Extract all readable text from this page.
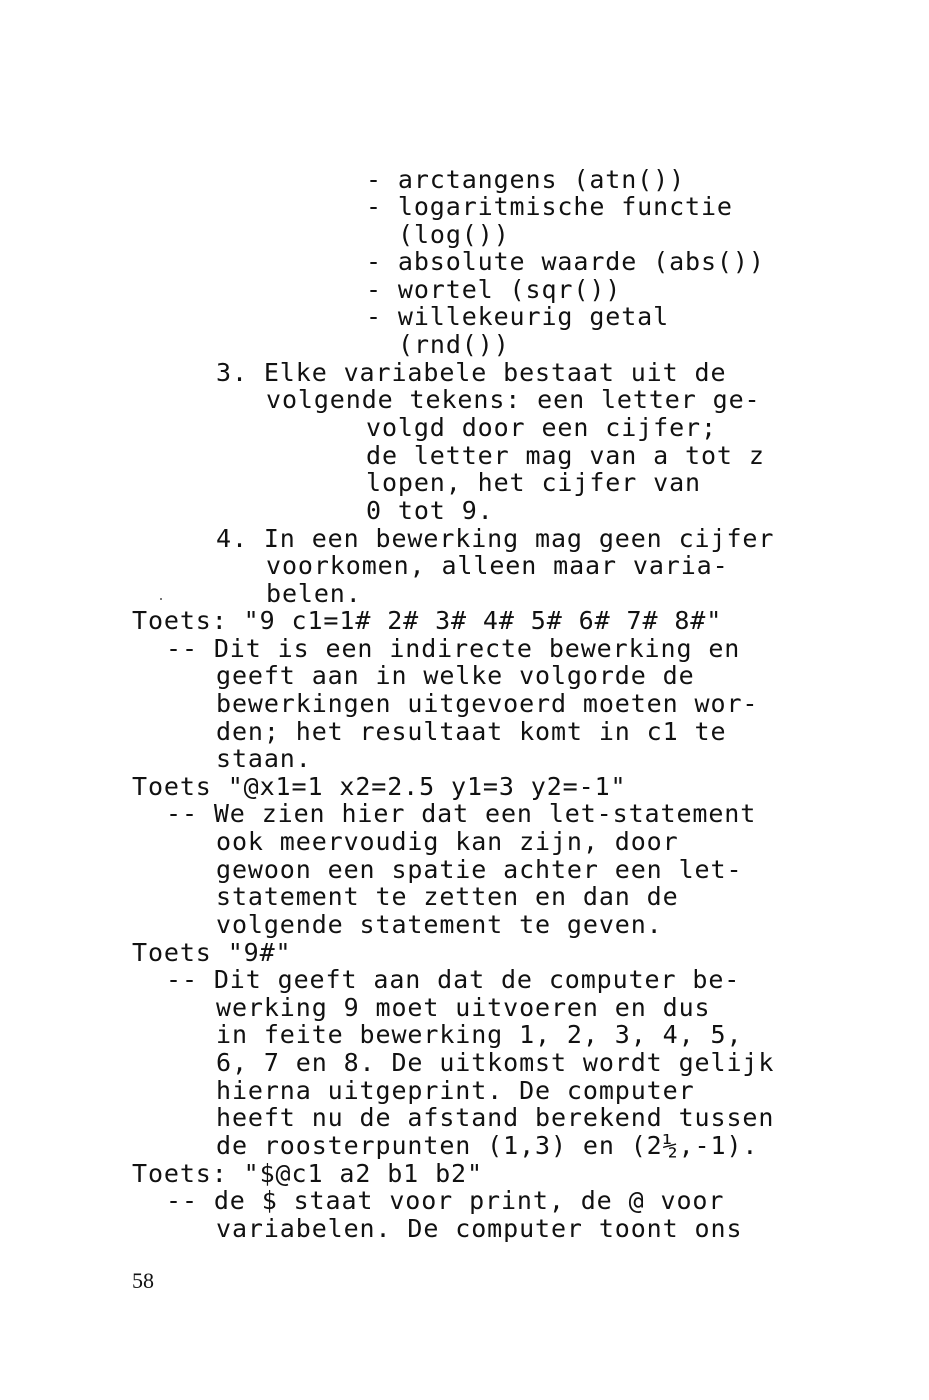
- arctangens (atn())
- logaritmische functie
(log())
- absolute waarde (abs())
- wortel (sqr())
- willekeurig getal
(rnd())
3. Elke variabele bestaat uit de
volgende tekens: een letter ge-
volgd door een cijfer;
de letter mag van a tot z
lopen, het cijfer van
0 tot 9.
4. In een bewerking mag geen cijfer
voorkomen, alleen maar varia-
belen.
Toets: "9 c1=1# 2# 3# 4# 5# 6# 7# 8#"
-- Dit is een indirecte bewerking en
geeft aan in welke volgorde de
bewerkingen uitgevoerd moeten wor-
den; het resultaat komt in c1 te
staan.
Toets "@x1=1 x2=2.5 y1=3 y2=-1"
-- We zien hier dat een let-statement
ook meervoudig kan zijn, door
gewoon een spatie achter een let-
statement te zetten en dan de
volgende statement te geven.
Toets "9#"
-- Dit geeft aan dat de computer be-
werking 9 moet uitvoeren en dus
in feite bewerking 1, 2, 3, 4, 5,
6, 7 en 8. De uitkomst wordt gelijk
hierna uitgeprint. De computer
heeft nu de afstand berekend tussen
de roosterpunten (1,3) en (2½,-1).
Toets: "$@c1 a2 b1 b2"
-- de $ staat voor print, de @ voor
variabelen. De computer toont ons
58
